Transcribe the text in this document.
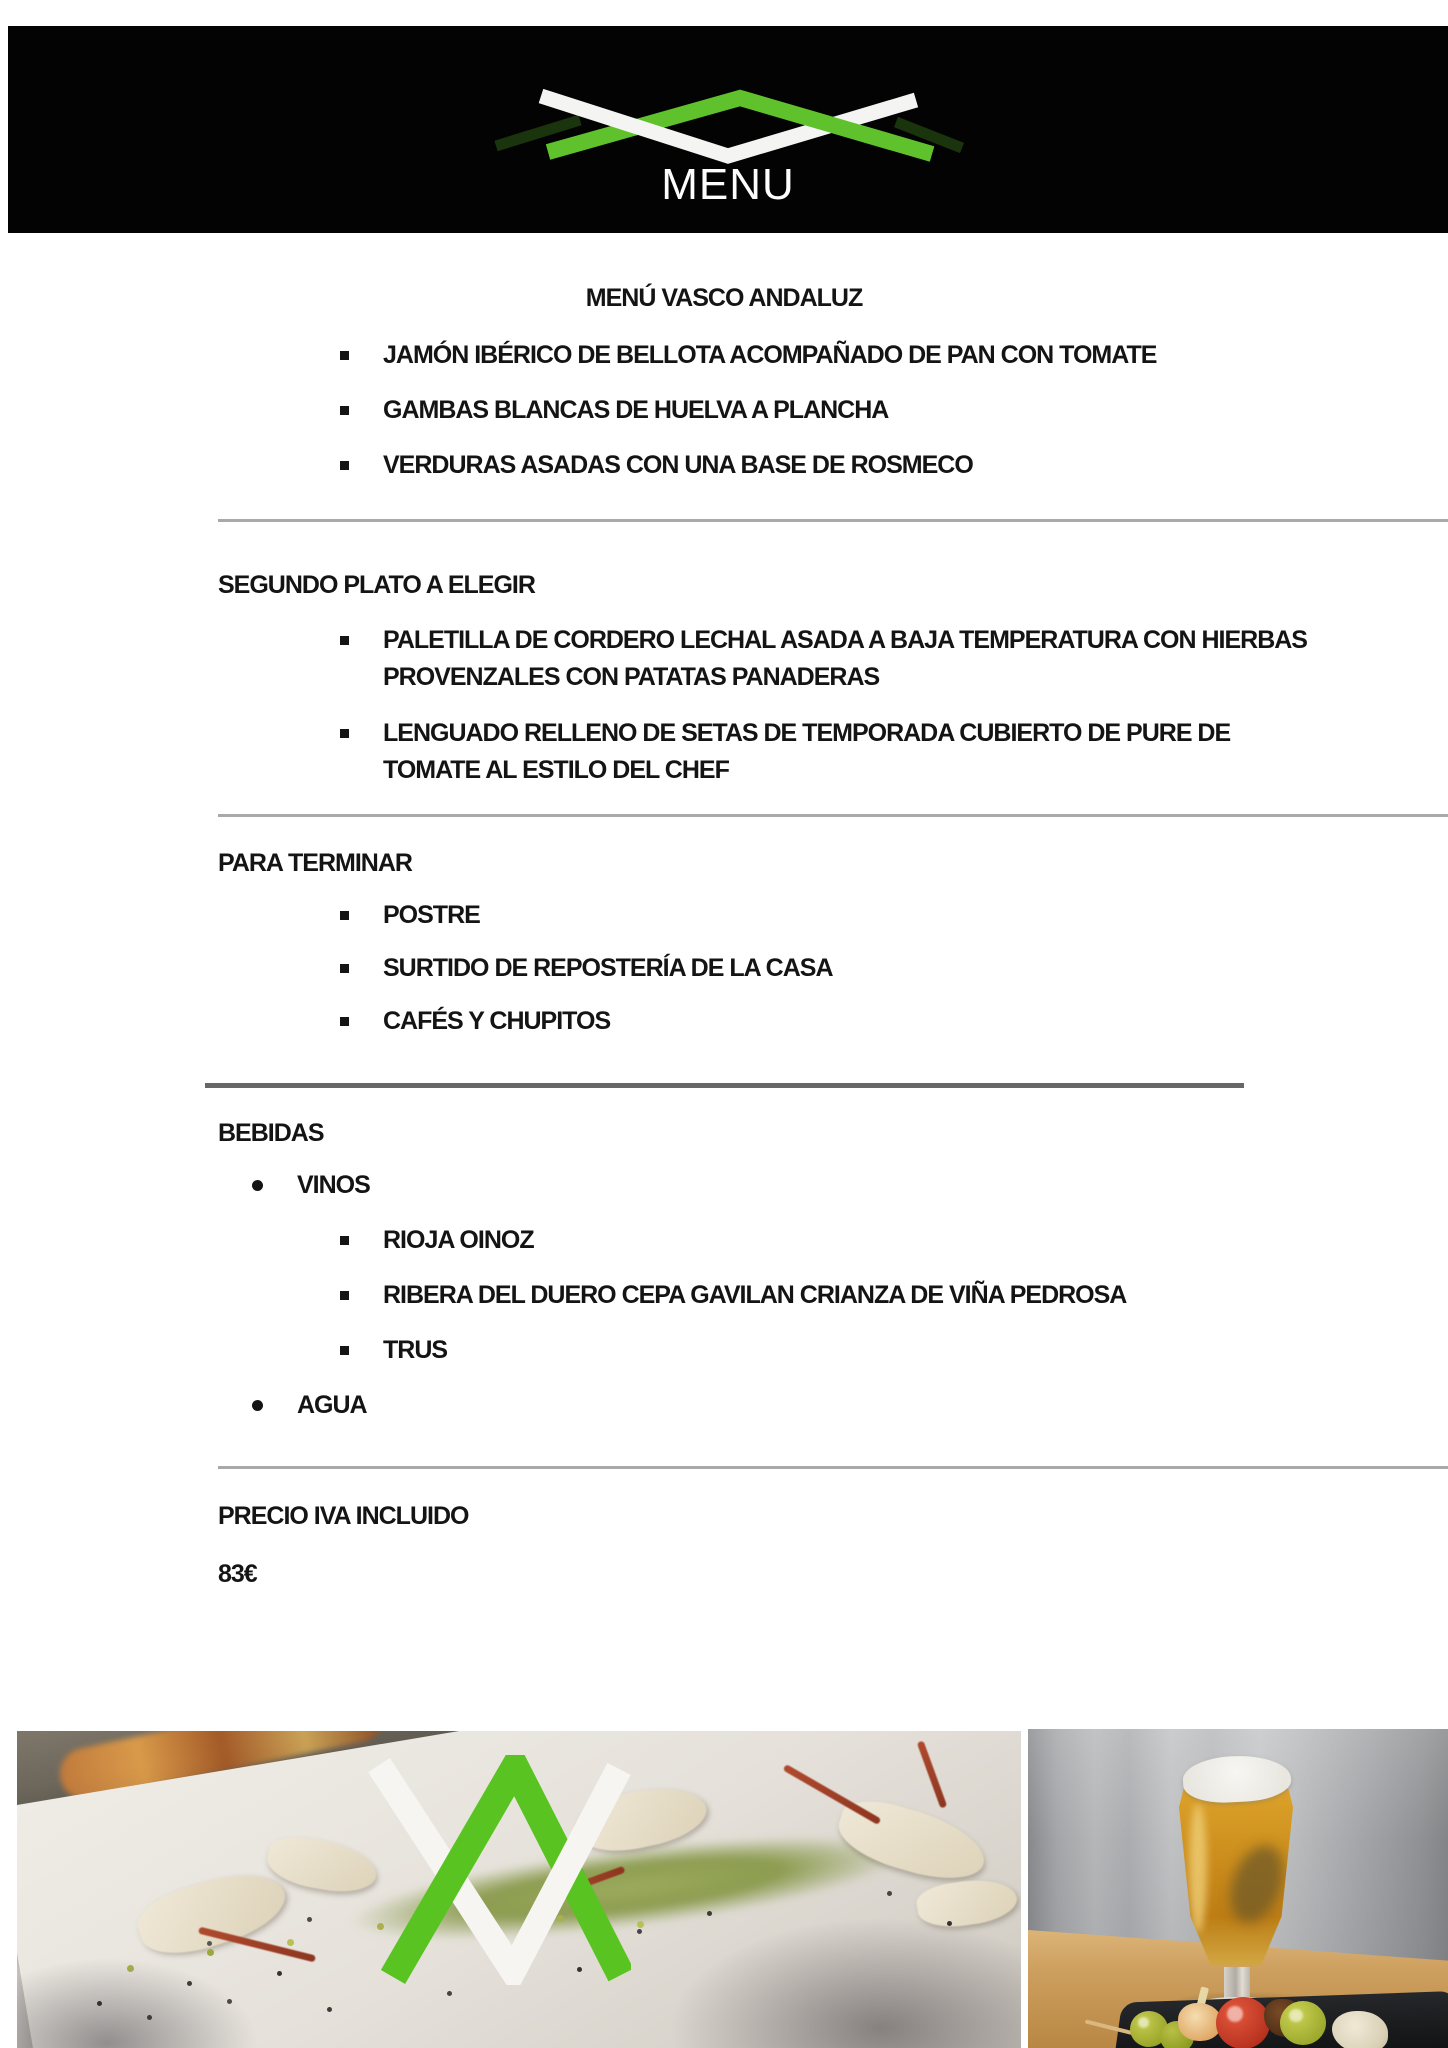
MENU
MENÚ VASCO ANDALUZ
JAMÓN IBÉRICO DE BELLOTA ACOMPAÑADO DE PAN CON TOMATE
GAMBAS BLANCAS DE HUELVA A PLANCHA
VERDURAS ASADAS CON UNA BASE DE ROSMECO
SEGUNDO PLATO A ELEGIR
PALETILLA DE CORDERO LECHAL ASADA A BAJA TEMPERATURA CON HIERBAS PROVENZALES CON PATATAS PANADERAS
LENGUADO RELLENO DE SETAS DE TEMPORADA CUBIERTO DE PURE DE TOMATE AL ESTILO DEL CHEF
PARA TERMINAR
POSTRE
SURTIDO DE REPOSTERÍA DE LA CASA
CAFÉS Y CHUPITOS
BEBIDAS
VINOS
RIOJA OINOZ
RIBERA DEL DUERO CEPA GAVILAN CRIANZA DE VIÑA PEDROSA
TRUS
AGUA
PRECIO IVA INCLUIDO
83€
